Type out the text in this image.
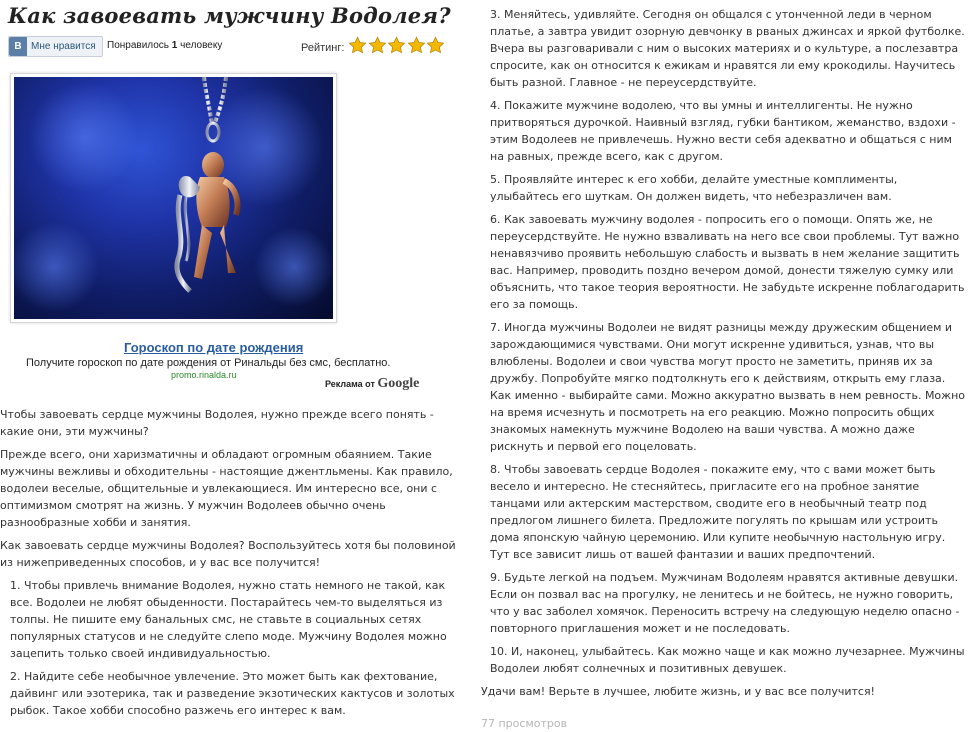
Как завоевать мужчину Водолея?
B Мне нравится Понравилось 1 человеку	Рейтинг:
Гороскоп по дате рождения
Получите гороскоп по дате рождения от Ринальды без смс, бесплатно.
promo.rinalda.ru
Реклама от Google

Чтобы завоевать сердце мужчины Водолея, нужно прежде всего понять - какие они, эти мужчины?

Прежде всего, они харизматичны и обладают огромным обаянием. Такие мужчины вежливы и обходительны - настоящие джентльмены. Как правило, водолеи веселые, общительные и увлекающиеся. Им интересно все, они с оптимизмом смотрят на жизнь. У мужчин Водолеев обычно очень разнообразные хобби и занятия.

Как завоевать сердце мужчины Водолея? Воспользуйтесь хотя бы половиной из нижеприведенных способов, и у вас все получится!

1. Чтобы привлечь внимание Водолея, нужно стать немного не такой, как все. Водолеи не любят обыденности. Постарайтесь чем-то выделяться из толпы. Не пишите ему банальных смс, не ставьте в социальных сетях популярных статусов и не следуйте слепо моде. Мужчину Водолея можно зацепить только своей индивидуальностью.

2. Найдите себе необычное увлечение. Это может быть как фехтование, дайвинг или эзотерика, так и разведение экзотических кактусов и золотых рыбок. Такое хобби способно разжечь его интерес к вам.

3. Меняйтесь, удивляйте. Сегодня он общался с утонченной леди в черном платье, а завтра увидит озорную девчонку в рваных джинсах и яркой футболке. Вчера вы разговаривали с ним о высоких материях и о культуре, а послезавтра спросите, как он относится к ежикам и нравятся ли ему крокодилы. Научитесь быть разной. Главное - не переусердствуйте.

4. Покажите мужчине водолею, что вы умны и интеллигенты. Не нужно притворяться дурочкой. Наивный взгляд, губки бантиком, жеманство, вздохи - этим Водолеев не привлечешь. Нужно вести себя адекватно и общаться с ним на равных, прежде всего, как с другом.

5. Проявляйте интерес к его хобби, делайте уместные комплименты, улыбайтесь его шуткам. Он должен видеть, что небезразличен вам.

6. Как завоевать мужчину водолея - попросить его о помощи. Опять же, не переусердствуйте. Не нужно взваливать на него все свои проблемы. Тут важно ненавязчиво проявить небольшую слабость и вызвать в нем желание защитить вас. Например, проводить поздно вечером домой, донести тяжелую сумку или объяснить, что такое теория вероятности. Не забудьте искренне поблагодарить его за помощь.

7. Иногда мужчины Водолеи не видят разницы между дружеским общением и зарождающимися чувствами. Они могут искренне удивиться, узнав, что вы влюблены. Водолеи и свои чувства могут просто не заметить, приняв их за дружбу. Попробуйте мягко подтолкнуть его к действиям, открыть ему глаза. Как именно - выбирайте сами. Можно аккуратно вызвать в нем ревность. Можно на время исчезнуть и посмотреть на его реакцию. Можно попросить общих знакомых намекнуть мужчине Водолею на ваши чувства. А можно даже рискнуть и первой его поцеловать.

8. Чтобы завоевать сердце Водолея - покажите ему, что с вами может быть весело и интересно. Не стесняйтесь, пригласите его на пробное занятие танцами или актерским мастерством, сводите его в необычный театр под предлогом лишнего билета. Предложите погулять по крышам или устроить дома японскую чайную церемонию. Или купите необычную настольную игру. Тут все зависит лишь от вашей фантазии и ваших предпочтений.

9. Будьте легкой на подъем. Мужчинам Водолеям нравятся активные девушки. Если он позвал вас на прогулку, не ленитесь и не бойтесь, не нужно говорить, что у вас заболел хомячок. Переносить встречу на следующую неделю опасно - повторного приглашения может и не последовать.

10. И, наконец, улыбайтесь. Как можно чаще и как можно лучезарнее. Мужчины Водолеи любят солнечных и позитивных девушек.

Удачи вам! Верьте в лучшее, любите жизнь, и у вас все получится!

77 просмотров
